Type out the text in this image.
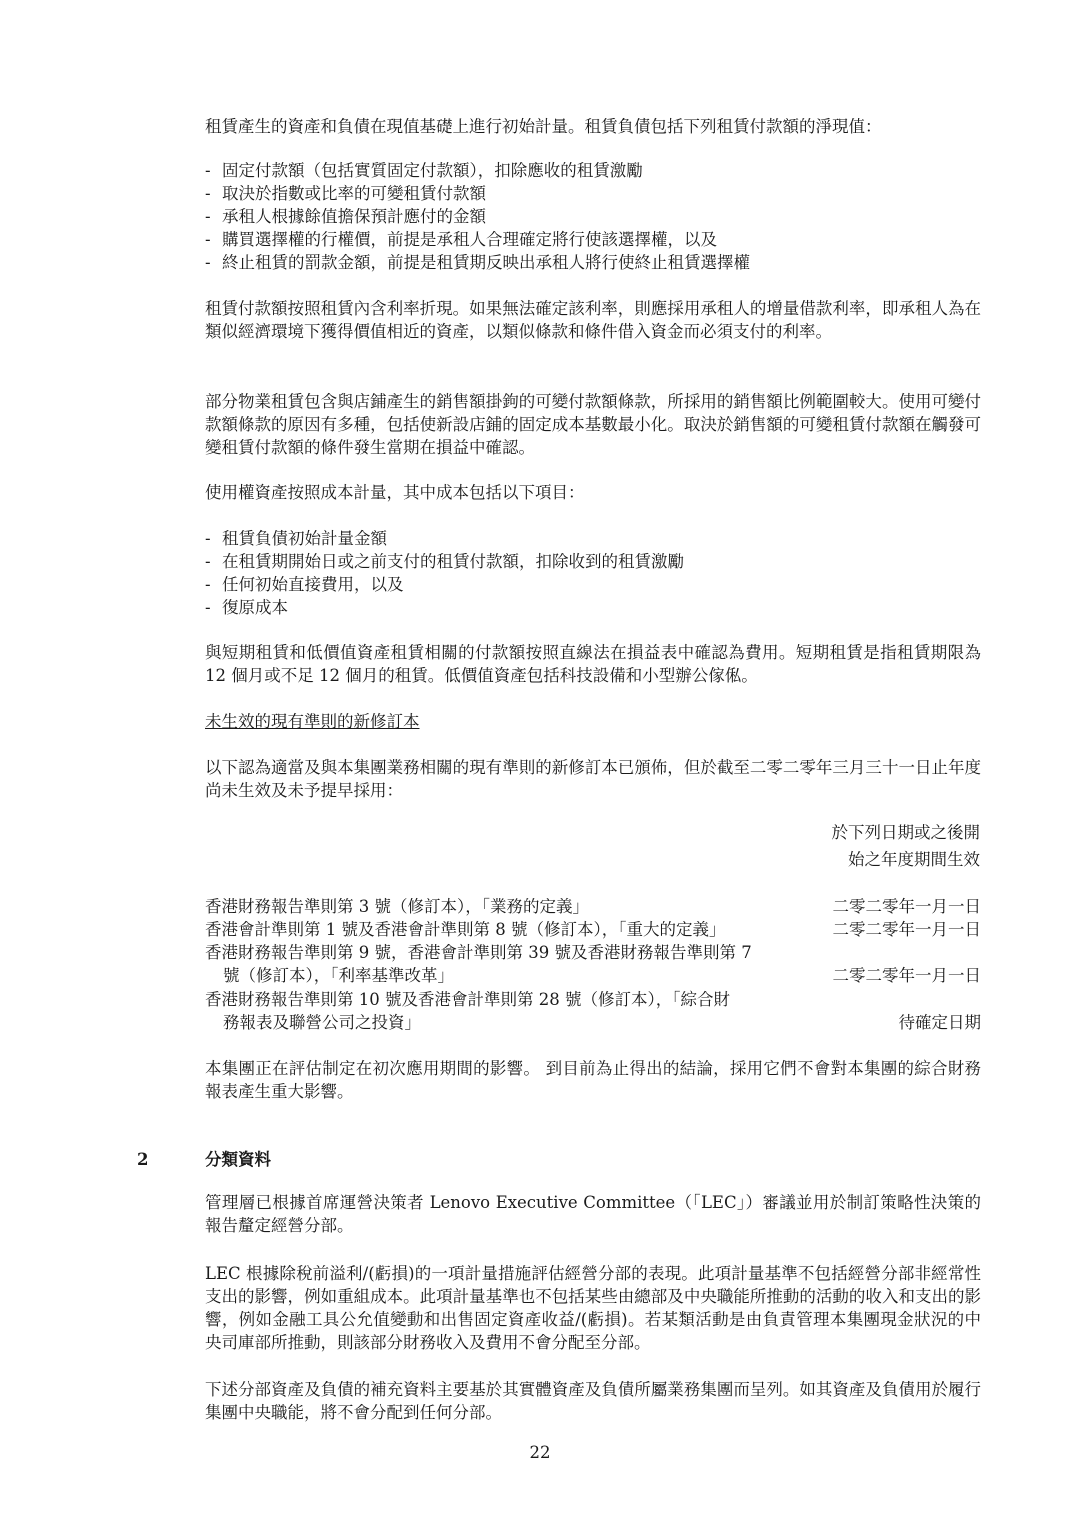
租賃產生的資產和負債在現值基礎上進行初始計量。租賃負債包括下列租賃付款額的淨現值：

- 固定付款額（包括實質固定付款額），扣除應收的租賃激勵
- 取決於指數或比率的可變租賃付款額
- 承租人根據餘值擔保預計應付的金額
- 購買選擇權的行權價，前提是承租人合理確定將行使該選擇權，以及
- 終止租賃的罰款金額，前提是租賃期反映出承租人將行使終止租賃選擇權

租賃付款額按照租賃內含利率折現。如果無法確定該利率，則應採用承租人的增量借款利率，即承租人為在類似經濟環境下獲得價值相近的資產，以類似條款和條件借入資金而必須支付的利率。

部分物業租賃包含與店鋪產生的銷售額掛鉤的可變付款額條款，所採用的銷售額比例範圍較大。使用可變付款額條款的原因有多種，包括使新設店鋪的固定成本基數最小化。取決於銷售額的可變租賃付款額在觸發可變租賃付款額的條件發生當期在損益中確認。

使用權資產按照成本計量，其中成本包括以下項目：

- 租賃負債初始計量金額
- 在租賃期開始日或之前支付的租賃付款額，扣除收到的租賃激勵
- 任何初始直接費用，以及
- 復原成本

與短期租賃和低價值資產租賃相關的付款額按照直線法在損益表中確認為費用。短期租賃是指租賃期限為 12 個月或不足 12 個月的租賃。低價值資產包括科技設備和小型辦公傢俬。

未生效的現有準則的新修訂本

以下認為適當及與本集團業務相關的現有準則的新修訂本已頒佈，但於截至二零二零年三月三十一日止年度尚未生效及未予提早採用：

於下列日期或之後開
始之年度期間生效
香港財務報告準則第 3 號（修訂本），「業務的定義」	二零二零年一月一日
香港會計準則第 1 號及香港會計準則第 8 號（修訂本），「重大的定義」	二零二零年一月一日
香港財務報告準則第 9 號，香港會計準則第 39 號及香港財務報告準則第 7
號（修訂本），「利率基準改革」	二零二零年一月一日
香港財務報告準則第 10 號及香港會計準則第 28 號（修訂本），「綜合財
務報表及聯營公司之投資」	待確定日期

本集團正在評估制定在初次應用期間的影響。 到目前為止得出的結論，採用它們不會對本集團的綜合財務報表產生重大影響。

2	分類資料

管理層已根據首席運營決策者 Lenovo Executive Committee（「LEC」）審議並用於制訂策略性決策的報告釐定經營分部。

LEC 根據除稅前溢利/(虧損)的一項計量措施評估經營分部的表現。此項計量基準不包括經營分部非經常性支出的影響，例如重組成本。此項計量基準也不包括某些由總部及中央職能所推動的活動的收入和支出的影響，例如金融工具公允值變動和出售固定資產收益/(虧損)。若某類活動是由負責管理本集團現金狀況的中央司庫部所推動，則該部分財務收入及費用不會分配至分部。

下述分部資產及負債的補充資料主要基於其實體資產及負債所屬業務集團而呈列。如其資產及負債用於履行集團中央職能，將不會分配到任何分部。

22
